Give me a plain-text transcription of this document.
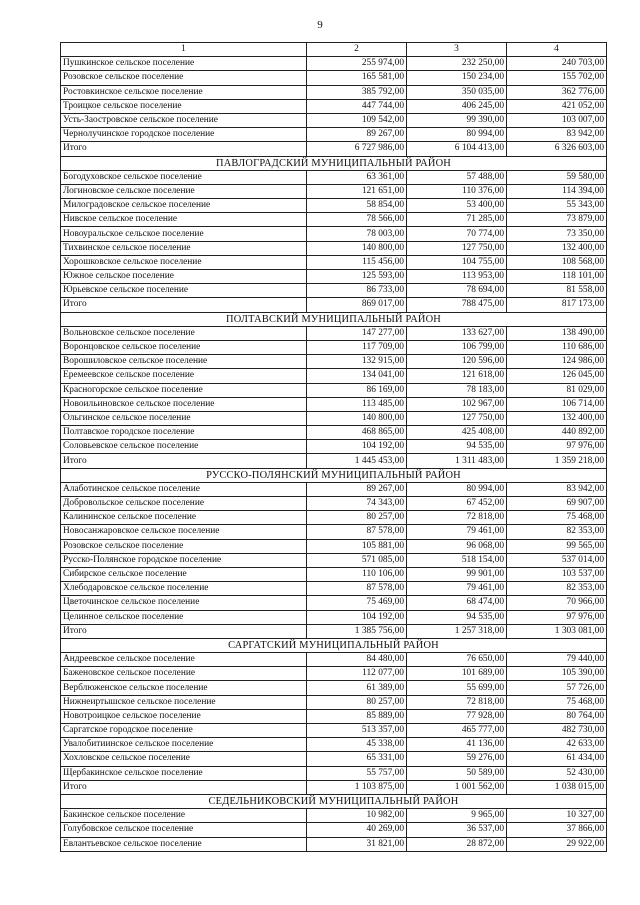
9
1	2	3	4
Пушкинское сельское поселение	255 974,00	232 250,00	240 703,00
Розовское сельское поселение	165 581,00	150 234,00	155 702,00
Ростовкинское сельское поселение	385 792,00	350 035,00	362 776,00
Троицкое сельское поселение	447 744,00	406 245,00	421 052,00
Усть-Заостровское сельское поселение	109 542,00	99 390,00	103 007,00
Чернолучинское городское поселение	89 267,00	80 994,00	83 942,00
Итого	6 727 986,00	6 104 413,00	6 326 603,00
ПАВЛОГРАДСКИЙ МУНИЦИПАЛЬНЫЙ РАЙОН			
Богодуховское сельское поселение	63 361,00	57 488,00	59 580,00
Логиновское сельское поселение	121 651,00	110 376,00	114 394,00
Милоградовское сельское поселение	58 854,00	53 400,00	55 343,00
Нивское сельское поселение	78 566,00	71 285,00	73 879,00
Новоуральское сельское поселение	78 003,00	70 774,00	73 350,00
Тихвинское сельское поселение	140 800,00	127 750,00	132 400,00
Хорошковское сельское поселение	115 456,00	104 755,00	108 568,00
Южное сельское поселение	125 593,00	113 953,00	118 101,00
Юрьевское сельское поселение	86 733,00	78 694,00	81 558,00
Итого	869 017,00	788 475,00	817 173,00
ПОЛТАВСКИЙ МУНИЦИПАЛЬНЫЙ РАЙОН			
Вольновское сельское поселение	147 277,00	133 627,00	138 490,00
Воронцовское сельское поселение	117 709,00	106 799,00	110 686,00
Ворошиловское сельское поселение	132 915,00	120 596,00	124 986,00
Еремеевское сельское поселение	134 041,00	121 618,00	126 045,00
Красногорское сельское поселение	86 169,00	78 183,00	81 029,00
Новоильиновское сельское поселение	113 485,00	102 967,00	106 714,00
Ольгинское сельское поселение	140 800,00	127 750,00	132 400,00
Полтавское городское поселение	468 865,00	425 408,00	440 892,00
Соловьевское сельское поселение	104 192,00	94 535,00	97 976,00
Итого	1 445 453,00	1 311 483,00	1 359 218,00
РУССКО-ПОЛЯНСКИЙ МУНИЦИПАЛЬНЫЙ РАЙОН			
Алаботинское сельское поселение	89 267,00	80 994,00	83 942,00
Добровольское сельское поселение	74 343,00	67 452,00	69 907,00
Калининское сельское поселение	80 257,00	72 818,00	75 468,00
Новосанжаровское сельское поселение	87 578,00	79 461,00	82 353,00
Розовское сельское поселение	105 881,00	96 068,00	99 565,00
Русско-Полянское городское поселение	571 085,00	518 154,00	537 014,00
Сибирское сельское поселение	110 106,00	99 901,00	103 537,00
Хлебодаровское сельское поселение	87 578,00	79 461,00	82 353,00
Цветочинское сельское поселение	75 469,00	68 474,00	70 966,00
Целинное сельское поселение	104 192,00	94 535,00	97 976,00
Итого	1 385 756,00	1 257 318,00	1 303 081,00
САРГАТСКИЙ МУНИЦИПАЛЬНЫЙ РАЙОН			
Андреевское сельское поселение	84 480,00	76 650,00	79 440,00
Баженовское сельское поселение	112 077,00	101 689,00	105 390,00
Верблюженское сельское поселение	61 389,00	55 699,00	57 726,00
Нижнеиртышское сельское поселение	80 257,00	72 818,00	75 468,00
Новотроицкое сельское поселение	85 889,00	77 928,00	80 764,00
Саргатское городское поселение	513 357,00	465 777,00	482 730,00
Увалобитиинское сельское поселение	45 338,00	41 136,00	42 633,00
Хохловское сельское поселение	65 331,00	59 276,00	61 434,00
Щербакинское сельское поселение	55 757,00	50 589,00	52 430,00
Итого	1 103 875,00	1 001 562,00	1 038 015,00
СЕДЕЛЬНИКОВСКИЙ МУНИЦИПАЛЬНЫЙ РАЙОН			
Бакинское сельское поселение	10 982,00	9 965,00	10 327,00
Голубовское сельское поселение	40 269,00	36 537,00	37 866,00
Евлантьевское сельское поселение	31 821,00	28 872,00	29 922,00
